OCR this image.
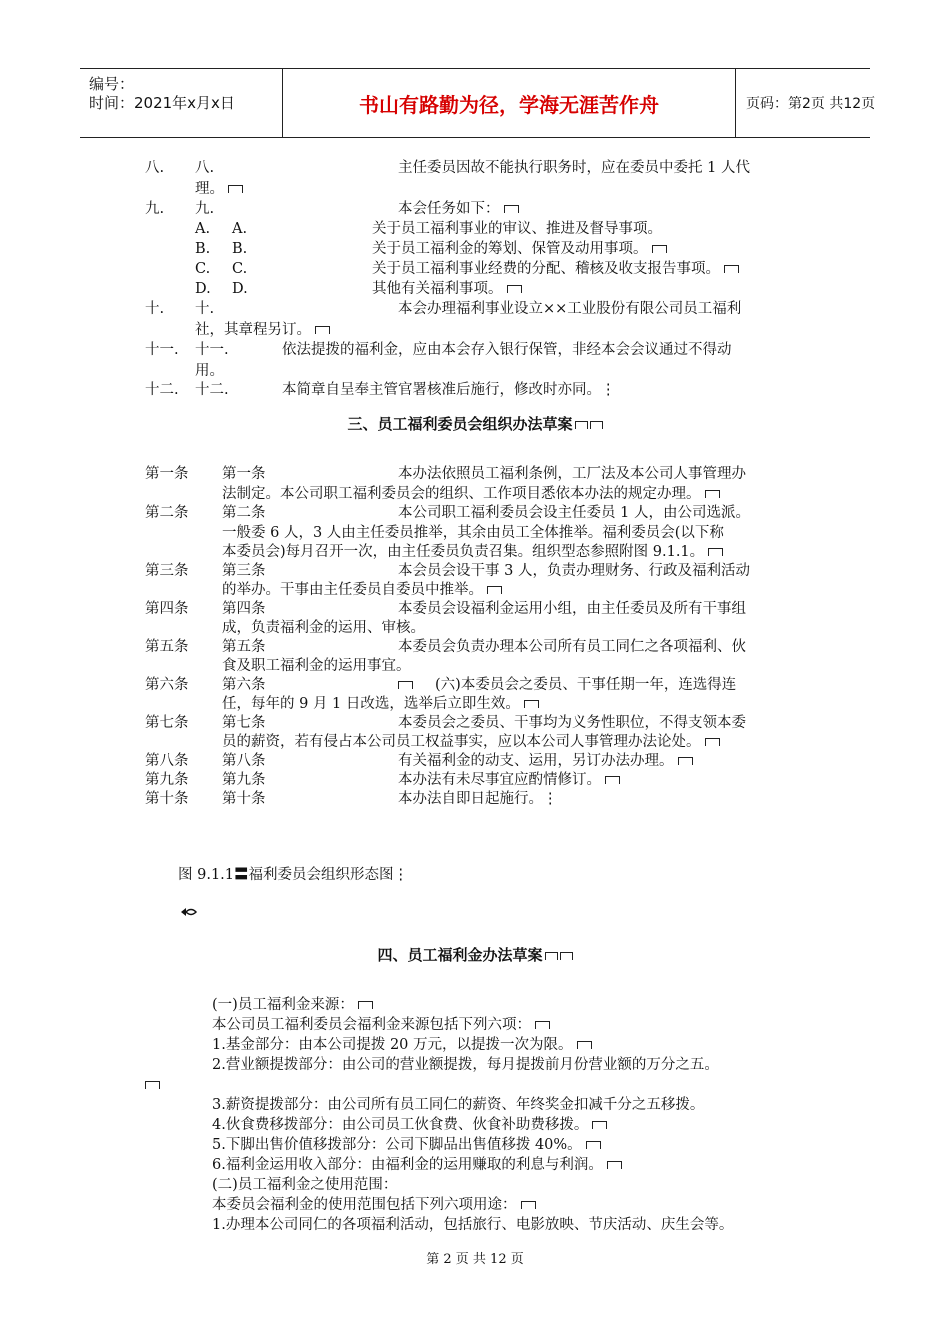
编号：
时间：2021年x月x日	书山有路勤为径，学海无涯苦作舟	页码：第2页 共12页
八. 八.	主任委员因故不能执行职务时，应在委员中委托 1 人代
理。
九. 九.	本会任务如下：
A. A.	关于员工福利事业的审议、推进及督导事项。
B. B.	关于员工福利金的筹划、保管及动用事项。
C. C.	关于员工福利事业经费的分配、稽核及收支报告事项。
D. D.	其他有关福利事项。
十. 十.	本会办理福利事业设立××工业股份有限公司员工福利
社，其章程另订。
十一. 十一.	依法提拨的福利金，应由本会存入银行保管，非经本会会议通过不得动
用。
十二. 十二.	本简章自呈奉主管官署核准后施行，修改时亦同。⋮
三、员工福利委员会组织办法草案
第一条 第一条	本办法依照员工福利条例，工厂法及本公司人事管理办
法制定。本公司职工福利委员会的组织、工作项目悉依本办法的规定办理。
第二条 第二条	本公司职工福利委员会设主任委员 1 人，由公司选派。
一般委 6 人，3 人由主任委员推举，其余由员工全体推举。福利委员会(以下称
本委员会)每月召开一次，由主任委员负责召集。组织型态参照附图 9.1.1。
第三条 第三条	本会员会设干事 3 人，负责办理财务、行政及福利活动
的举办。干事由主任委员自委员中推举。
第四条 第四条	本委员会设福利金运用小组，由主任委员及所有干事组
成，负责福利金的运用、审核。
第五条 第五条	本委员会负责办理本公司所有员工同仁之各项福利、伙
食及职工福利金的运用事宜。
第六条 第六条	(六)本委员会之委员、干事任期一年，连选得连
任，每年的 9 月 1 日改选，选举后立即生效。
第七条 第七条	本委员会之委员、干事均为义务性职位，不得支领本委
员的薪资，若有侵占本公司员工权益事实，应以本公司人事管理办法论处。
第八条 第八条	有关福利金的动支、运用，另订办法办理。
第九条 第九条	本办法有未尽事宜应酌情修订。
第十条 第十条	本办法自即日起施行。⋮
图 9.1.1〓福利委员会组织形态图⋮
四、员工福利金办法草案
(一)员工福利金来源：
本公司员工福利委员会福利金来源包括下列六项：
1.基金部分：由本公司提拨 20 万元，以提拨一次为限。
2.营业额提拨部分：由公司的营业额提拨，每月提拨前月份营业额的万分之五。
3.薪资提拨部分：由公司所有员工同仁的薪资、年终奖金扣减千分之五移拨。
4.伙食费移拨部分：由公司员工伙食费、伙食补助费移拨。
5.下脚出售价值移拨部分：公司下脚品出售值移拨 40%。
6.福利金运用收入部分：由福利金的运用赚取的利息与利润。
(二)员工福利金之使用范围：
本委员会福利金的使用范围包括下列六项用途：
1.办理本公司同仁的各项福利活动，包括旅行、电影放映、节庆活动、庆生会等。
第 2 页 共 12 页
